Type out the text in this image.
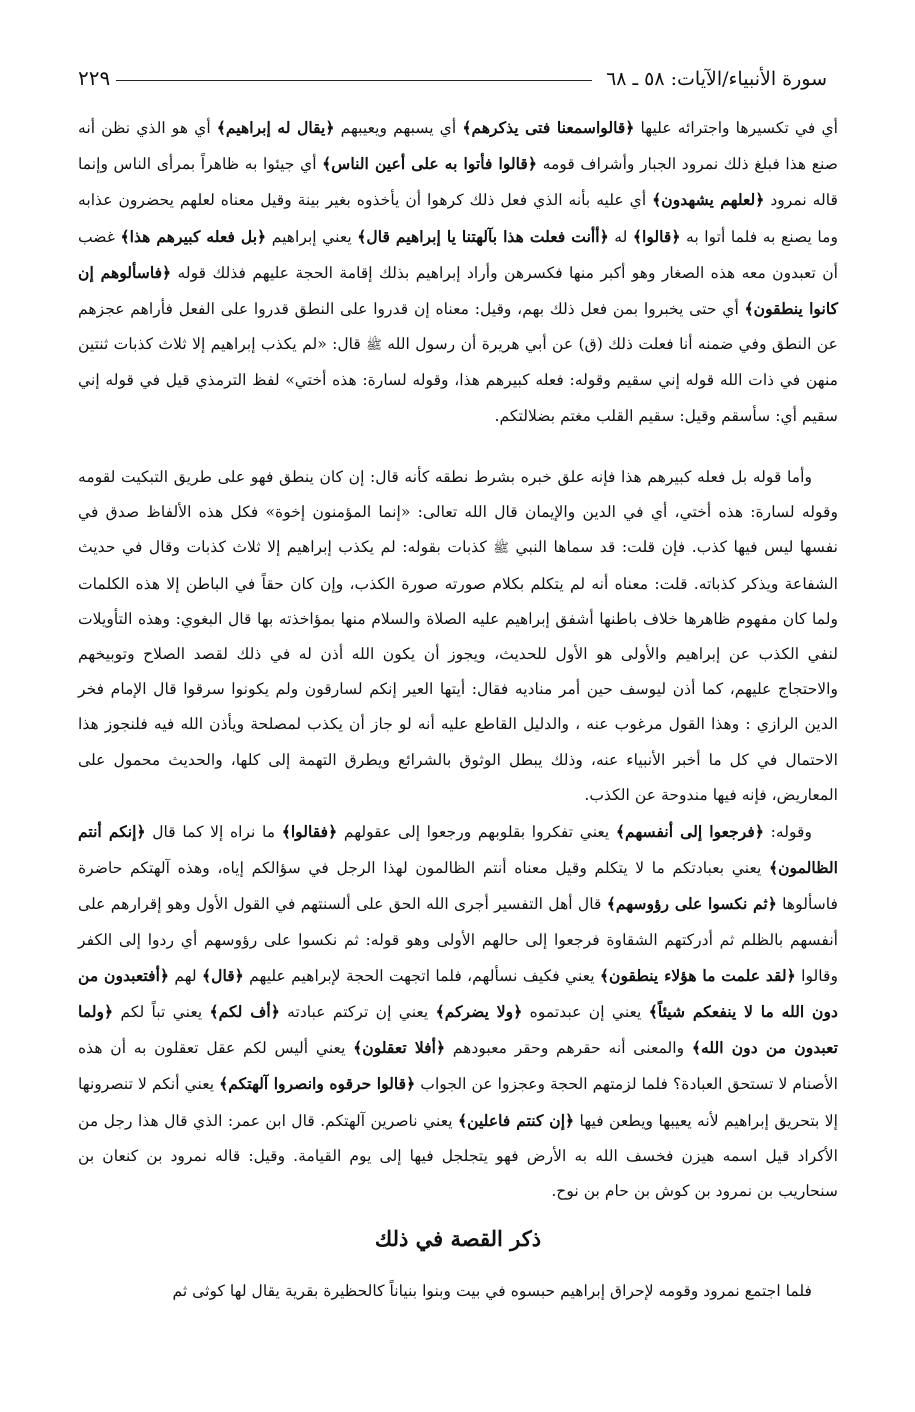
سورة الأنبياء/الآيات: ٥٨ ـ ٦٨
٢٢٩
أي في تكسيرها واجترائه عليها ﴿قالواسمعنا فتى يذكرهم﴾ أي يسبهم ويعيبهم ﴿يقال له إبراهيم﴾ أي هو الذي نظن أنه صنع هذا فبلغ ذلك نمرود الجبار وأشراف قومه ﴿قالوا فأتوا به على أعين الناس﴾ أي جيئوا به ظاهراً بمرأى الناس وإنما قاله نمرود ﴿لعلهم يشهدون﴾ أي عليه بأنه الذي فعل ذلك كرهوا أن يأخذوه بغير بينة وقيل معناه لعلهم يحضرون عذابه وما يصنع به فلما أتوا به ﴿قالوا﴾ له ﴿أأنت فعلت هذا بآلهتنا يا إبراهيم قال﴾ يعني إبراهيم ﴿بل فعله كبيرهم هذا﴾ غضب أن تعبدون معه هذه الصغار وهو أكبر منها فكسرهن وأراد إبراهيم بذلك إقامة الحجة عليهم فذلك قوله ﴿فاسألوهم إن كانوا ينطقون﴾ أي حتى يخبروا بمن فعل ذلك بهم، وقيل: معناه إن قدروا على النطق قدروا على الفعل فأراهم عجزهم عن النطق وفي ضمنه أنا فعلت ذلك (ق) عن أبي هريرة أن رسول الله ﷺ قال: «لم يكذب إبراهيم إلا ثلاث كذبات ثنتين منهن في ذات الله قوله إني سقيم وقوله: فعله كبيرهم هذا، وقوله لسارة: هذه أختي» لفظ الترمذي قيل في قوله إني سقيم أي: سأسقم وقيل: سقيم القلب مغتم بضلالتكم.
وأما قوله بل فعله كبيرهم هذا فإنه علق خبره بشرط نطقه كأنه قال: إن كان ينطق فهو على طريق التبكيت لقومه وقوله لسارة: هذه أختي، أي في الدين والإيمان قال الله تعالى: «إنما المؤمنون إخوة» فكل هذه الألفاظ صدق في نفسها ليس فيها كذب. فإن قلت: قد سماها النبي ﷺ كذبات بقوله: لم يكذب إبراهيم إلا ثلاث كذبات وقال في حديث الشفاعة ويذكر كذباته. قلت: معناه أنه لم يتكلم بكلام صورته صورة الكذب، وإن كان حقاً في الباطن إلا هذه الكلمات ولما كان مفهوم ظاهرها خلاف باطنها أشفق إبراهيم عليه الصلاة والسلام منها بمؤاخذته بها قال البغوي: وهذه التأويلات لنفي الكذب عن إبراهيم والأولى هو الأول للحديث، ويجوز أن يكون الله أذن له في ذلك لقصد الصلاح وتوبيخهم والاحتجاج عليهم، كما أذن ليوسف حين أمر مناديه فقال: أيتها العير إنكم لسارقون ولم يكونوا سرقوا قال الإمام فخر الدين الرازي : وهذا القول مرغوب عنه ، والدليل القاطع عليه أنه لو جاز أن يكذب لمصلحة ويأذن الله فيه فلنجوز هذا الاحتمال في كل ما أخبر الأنبياء عنه، وذلك يبطل الوثوق بالشرائع ويطرق التهمة إلى كلها، والحديث محمول على المعاريض، فإنه فيها مندوحة عن الكذب.
وقوله: ﴿فرجعوا إلى أنفسهم﴾ يعني تفكروا بقلوبهم ورجعوا إلى عقولهم ﴿فقالوا﴾ ما نراه إلا كما قال ﴿إنكم أنتم الظالمون﴾ يعني بعبادتكم ما لا يتكلم وقيل معناه أنتم الظالمون لهذا الرجل في سؤالكم إياه، وهذه آلهتكم حاضرة فاسألوها ﴿ثم نكسوا على رؤوسهم﴾ قال أهل التفسير أجرى الله الحق على ألسنتهم في القول الأول وهو إقرارهم على أنفسهم بالظلم ثم أدركتهم الشقاوة فرجعوا إلى حالهم الأولى وهو قوله: ثم نكسوا على رؤوسهم أي ردوا إلى الكفر وقالوا ﴿لقد علمت ما هؤلاء ينطقون﴾ يعني فكيف نسألهم، فلما اتجهت الحجة لإبراهيم عليهم ﴿قال﴾ لهم ﴿أفتعبدون من دون الله ما لا ينفعكم شيئاً﴾ يعني إن عبدتموه ﴿ولا يضركم﴾ يعني إن تركتم عبادته ﴿أف لكم﴾ يعني تباً لكم ﴿ولما تعبدون من دون الله﴾ والمعنى أنه حقرهم وحقر معبودهم ﴿أفلا تعقلون﴾ يعني أليس لكم عقل تعقلون به أن هذه الأصنام لا تستحق العبادة؟ فلما لزمتهم الحجة وعجزوا عن الجواب ﴿قالوا حرقوه وانصروا آلهتكم﴾ يعني أنكم لا تنصرونها إلا بتحريق إبراهيم لأنه يعيبها ويطعن فيها ﴿إن كنتم فاعلين﴾ يعني ناصرين آلهتكم. قال ابن عمر: الذي قال هذا رجل من الأكراد قيل اسمه هيزن فخسف الله به الأرض فهو يتجلجل فيها إلى يوم القيامة. وقيل: قاله نمرود بن كنعان بن سنحاريب بن نمرود بن كوش بن حام بن نوح.
ذكر القصة في ذلك
فلما اجتمع نمرود وقومه لإحراق إبراهيم حبسوه في بيت وبنوا بنياناً كالحظيرة بقرية يقال لها كوثى ثم
